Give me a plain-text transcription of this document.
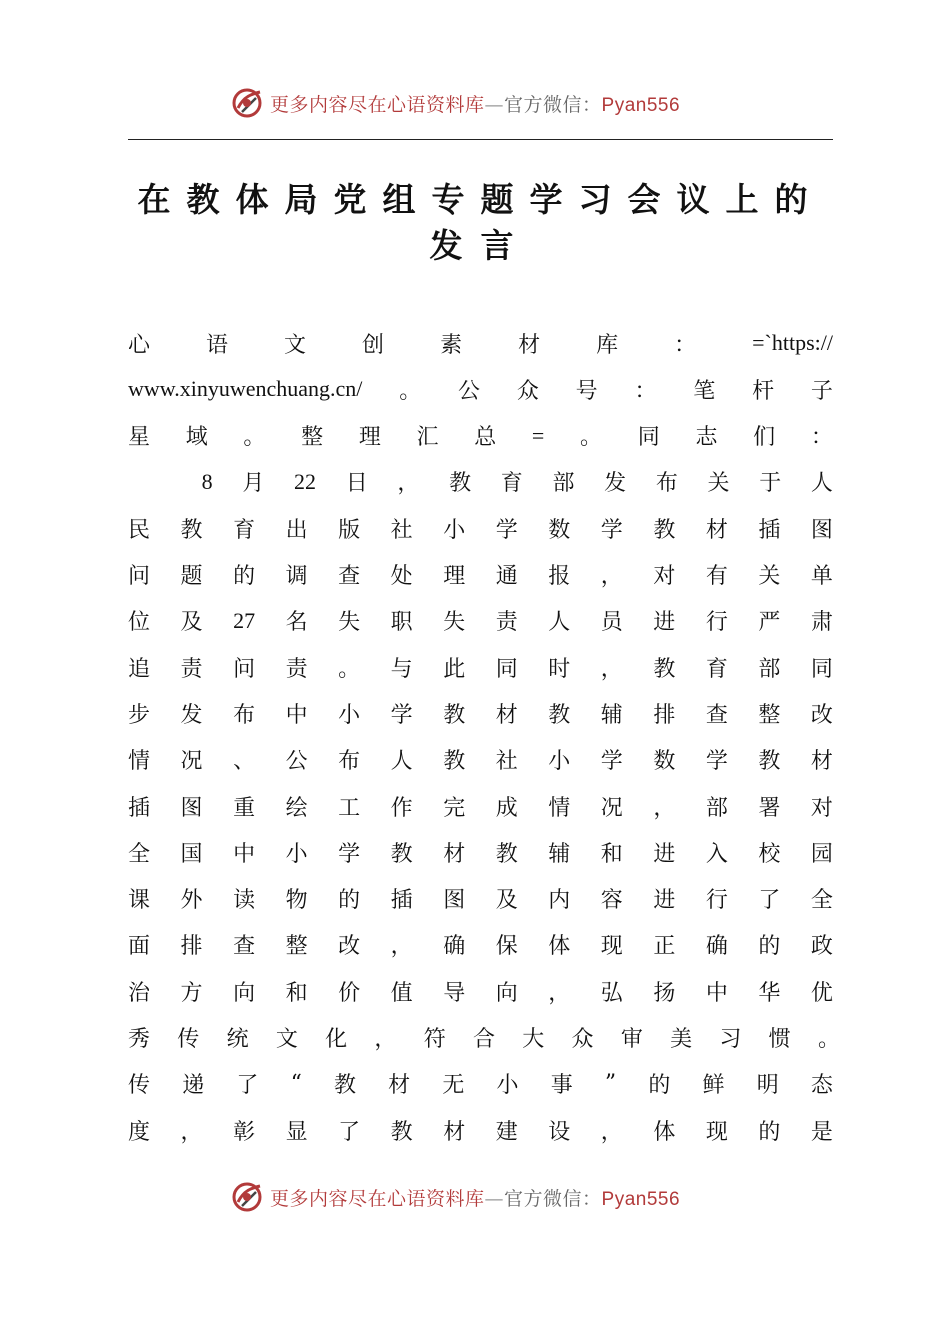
更多内容尽在心语资料库—官方微信：Pyan556
在教体局党组专题学习会议上的
发言
心	语	文	创	素	材	库	：	=`https://
www.xinyuwenchuang.cn/ 。 公 众 号 ： 笔 杆 子
星 域 。 整 理 汇 总 = 。 同 志 们 ：
8 月 22 日 ， 教 育 部 发 布 关 于 人
民 教 育 出 版 社 小 学 数 学 教 材 插 图
问 题 的 调 查 处 理 通 报 ， 对 有 关 单
位 及 27 名 失 职 失 责 人 员 进 行 严 肃
追 责 问 责 。 与 此 同 时 ， 教 育 部 同
步 发 布 中 小 学 教 材 教 辅 排 查 整 改
情 况 、 公 布 人 教 社 小 学 数 学 教 材
插 图 重 绘 工 作 完 成 情 况 ， 部 署 对
全 国 中 小 学 教 材 教 辅 和 进 入 校 园
课 外 读 物 的 插 图 及 内 容 进 行 了 全
面 排 查 整 改 ， 确 保 体 现 正 确 的 政
治 方 向 和 价 值 导 向 ， 弘 扬 中 华 优
秀 传 统 文 化 ， 符 合 大 众 审 美 习 惯 。
传 递 了 “ 教 材 无 小 事 ” 的 鲜 明 态
度 ， 彰 显 了 教 材 建 设 ， 体 现 的 是
更多内容尽在心语资料库—官方微信：Pyan556
